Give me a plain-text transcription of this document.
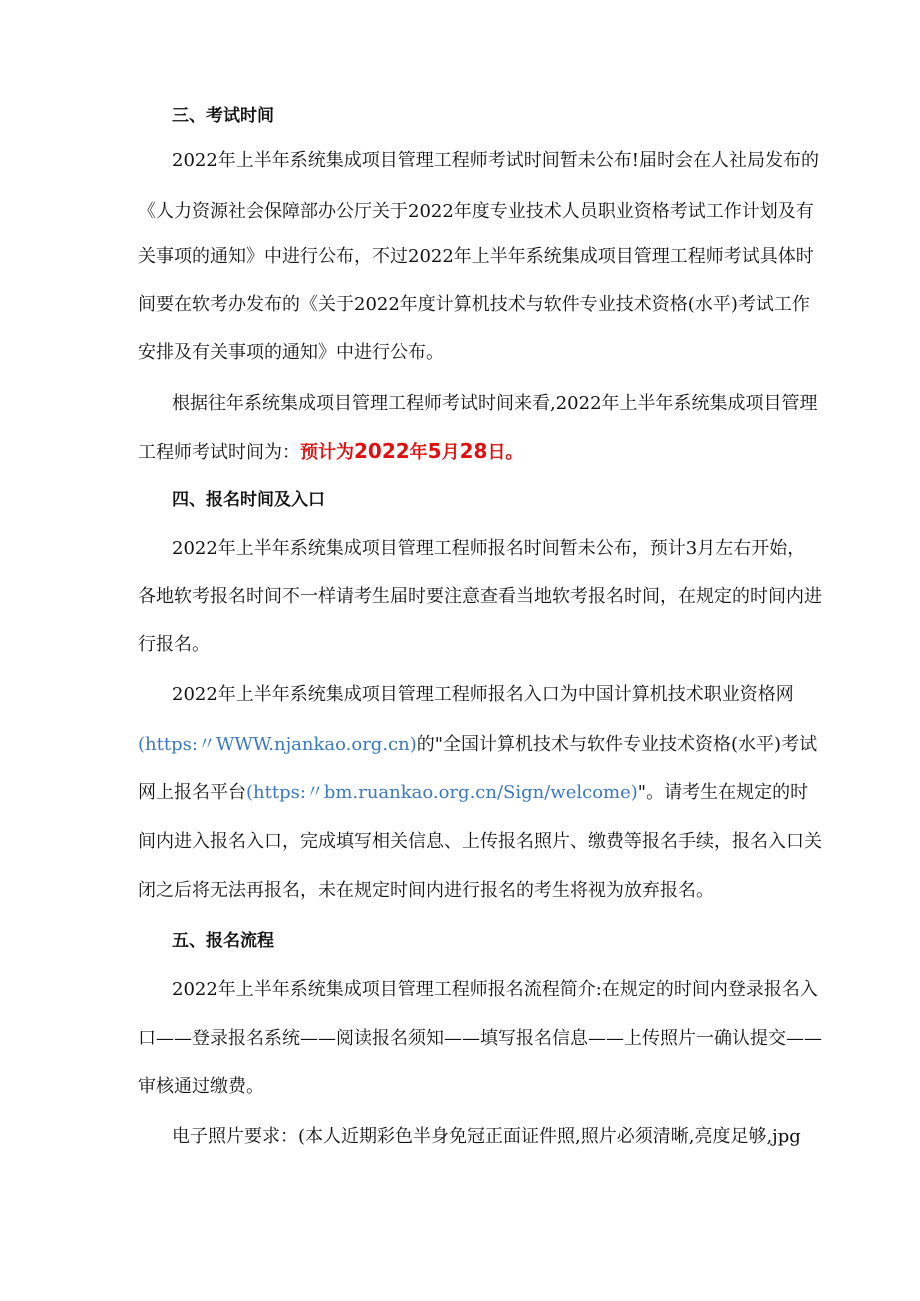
三、考试时间
2022年上半年系统集成项目管理工程师考试时间暂未公布!届时会在人社局发布的
《人力资源社会保障部办公厅关于2022年度专业技术人员职业资格考试工作计划及有
关事项的通知》中进行公布，不过2022年上半年系统集成项目管理工程师考试具体时
间要在软考办发布的《关于2022年度计算机技术与软件专业技术资格(水平)考试工作
安排及有关事项的通知》中进行公布。
根据往年系统集成项目管理工程师考试时间来看,2022年上半年系统集成项目管理
工程师考试时间为：预计为2022年5月28日。
四、报名时间及入口
2022年上半年系统集成项目管理工程师报名时间暂未公布，预计3月左右开始，
各地软考报名时间不一样请考生届时要注意查看当地软考报名时间，在规定的时间内进
行报名。
2022年上半年系统集成项目管理工程师报名入口为中国计算机技术职业资格网
(https:〃WWW.njankao.org.cn)的"全国计算机技术与软件专业技术资格(水平)考试
网上报名平台(https:〃bm.ruankao.org.cn/Sign/welcome)"。请考生在规定的时
间内进入报名入口，完成填写相关信息、上传报名照片、缴费等报名手续，报名入口关
闭之后将无法再报名，未在规定时间内进行报名的考生将视为放弃报名。
五、报名流程
2022年上半年系统集成项目管理工程师报名流程简介:在规定的时间内登录报名入
口——登录报名系统——阅读报名须知——填写报名信息——上传照片一确认提交——
审核通过缴费。
电子照片要求：(本人近期彩色半身免冠正面证件照,照片必须清晰,亮度足够,jpg
